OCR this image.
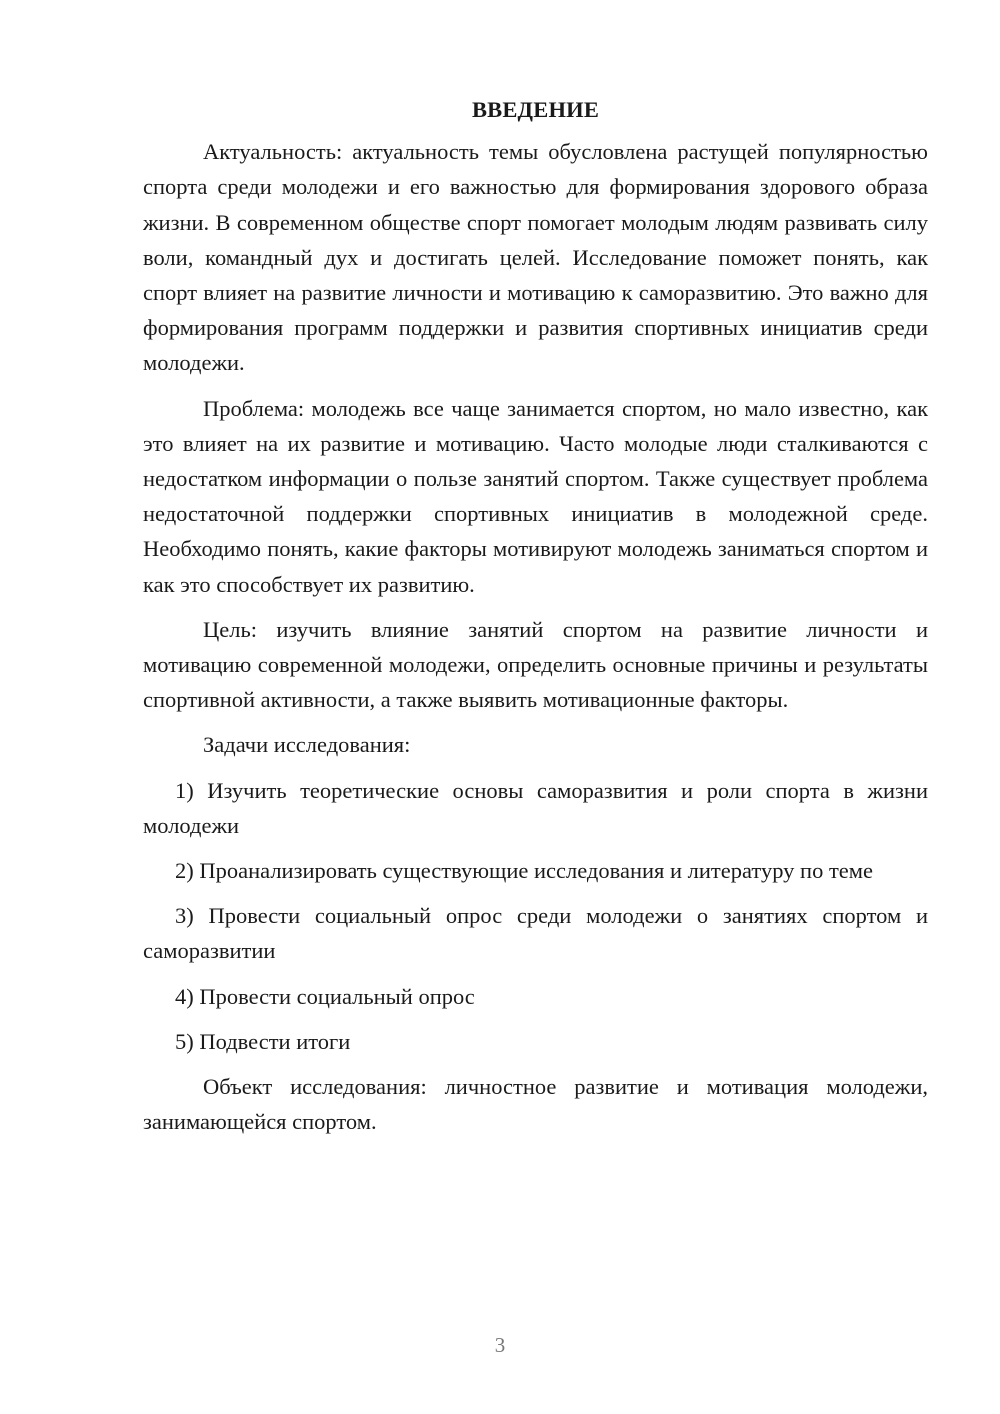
ВВЕДЕНИЕ

Актуальность: актуальность темы обусловлена растущей популярностью спорта среди молодежи и его важностью для формирования здорового образа жизни. В современном обществе спорт помогает молодым людям развивать силу воли, командный дух и достигать целей. Исследование поможет понять, как спорт влияет на развитие личности и мотивацию к саморазвитию. Это важно для формирования программ поддержки и развития спортивных инициатив среди молодежи.

Проблема: молодежь все чаще занимается спортом, но мало известно, как это влияет на их развитие и мотивацию. Часто молодые люди сталкиваются с недостатком информации о пользе занятий спортом. Также существует проблема недостаточной поддержки спортивных инициатив в молодежной среде. Необходимо понять, какие факторы мотивируют молодежь заниматься спортом и как это способствует их развитию.

Цель: изучить влияние занятий спортом на развитие личности и мотивацию современной молодежи, определить основные причины и результаты спортивной активности, а также выявить мотивационные факторы.

Задачи исследования:

1) Изучить теоретические основы саморазвития и роли спорта в жизни молодежи

2) Проанализировать существующие исследования и литературу по теме

3) Провести социальный опрос среди молодежи о занятиях спортом и саморазвитии

4) Провести социальный опрос

5) Подвести итоги

Объект исследования: личностное развитие и мотивация молодежи, занимающейся спортом.

3
